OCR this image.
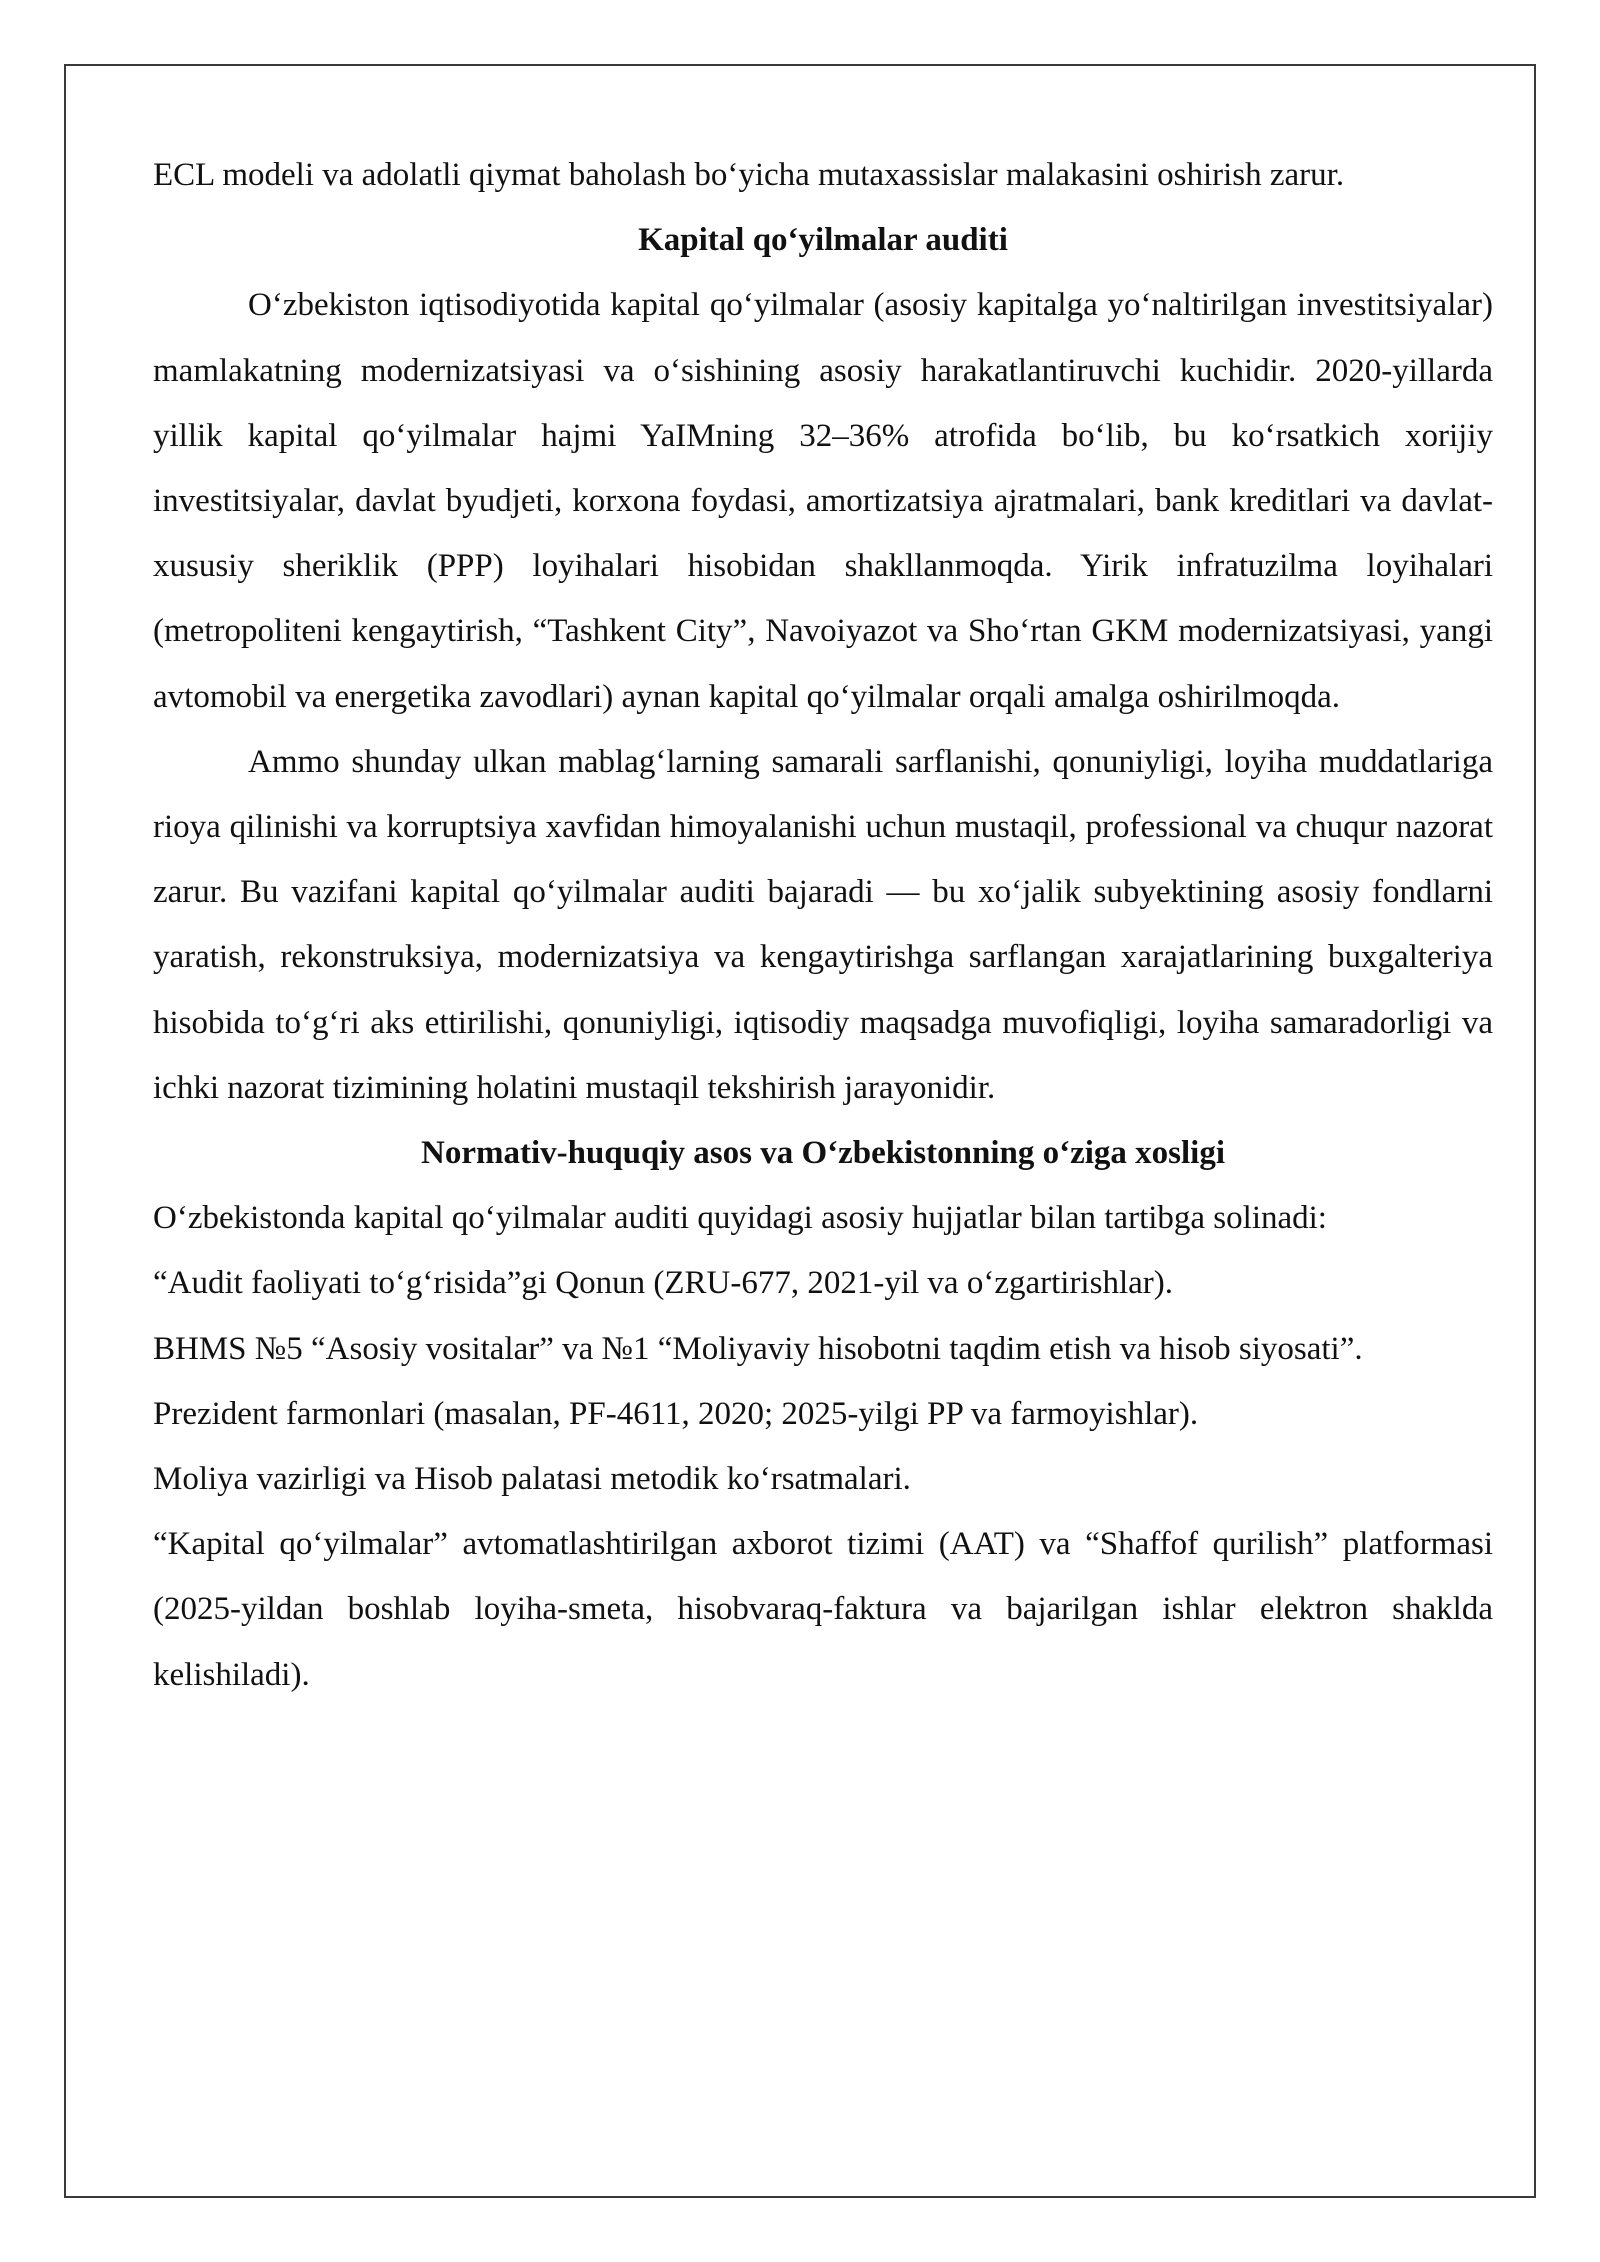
ECL modeli va adolatli qiymat baholash bo‘yicha mutaxassislar malakasini oshirish zarur.

Kapital qo‘yilmalar auditi

O‘zbekiston iqtisodiyotida kapital qo‘yilmalar (asosiy kapitalga yo‘naltirilgan investitsiyalar) mamlakatning modernizatsiyasi va o‘sishining asosiy harakatlantiruvchi kuchidir. 2020-yillarda yillik kapital qo‘yilmalar hajmi YaIMning 32–36% atrofida bo‘lib, bu ko‘rsatkich xorijiy investitsiyalar, davlat byudjeti, korxona foydasi, amortizatsiya ajratmalari, bank kreditlari va davlat-xususiy sheriklik (PPP) loyihalari hisobidan shakllanmoqda. Yirik infratuzilma loyihalari (metropoliteni kengaytirish, “Tashkent City”, Navoiyazot va Sho‘rtan GKM modernizatsiyasi, yangi avtomobil va energetika zavodlari) aynan kapital qo‘yilmalar orqali amalga oshirilmoqda.

Ammo shunday ulkan mablag‘larning samarali sarflanishi, qonuniyligi, loyiha muddatlariga rioya qilinishi va korruptsiya xavfidan himoyalanishi uchun mustaqil, professional va chuqur nazorat zarur. Bu vazifani kapital qo‘yilmalar auditi bajaradi — bu xo‘jalik subyektining asosiy fondlarni yaratish, rekonstruksiya, modernizatsiya va kengaytirishga sarflangan xarajatlarining buxgalteriya hisobida to‘g‘ri aks ettirilishi, qonuniyligi, iqtisodiy maqsadga muvofiqligi, loyiha samaradorligi va ichki nazorat tizimining holatini mustaqil tekshirish jarayonidir.

Normativ-huquqiy asos va O‘zbekistonning o‘ziga xosligi

O‘zbekistonda kapital qo‘yilmalar auditi quyidagi asosiy hujjatlar bilan tartibga solinadi:

“Audit faoliyati to‘g‘risida”gi Qonun (ZRU-677, 2021-yil va o‘zgartirishlar).

BHMS №5 “Asosiy vositalar” va №1 “Moliyaviy hisobotni taqdim etish va hisob siyosati”.

Prezident farmonlari (masalan, PF-4611, 2020; 2025-yilgi PP va farmoyishlar).

Moliya vazirligi va Hisob palatasi metodik ko‘rsatmalari.

“Kapital qo‘yilmalar” avtomatlashtirilgan axborot tizimi (AAT) va “Shaffof qurilish” platformasi (2025-yildan boshlab loyiha-smeta, hisobvaraq-faktura va bajarilgan ishlar elektron shaklda kelishiladi).
